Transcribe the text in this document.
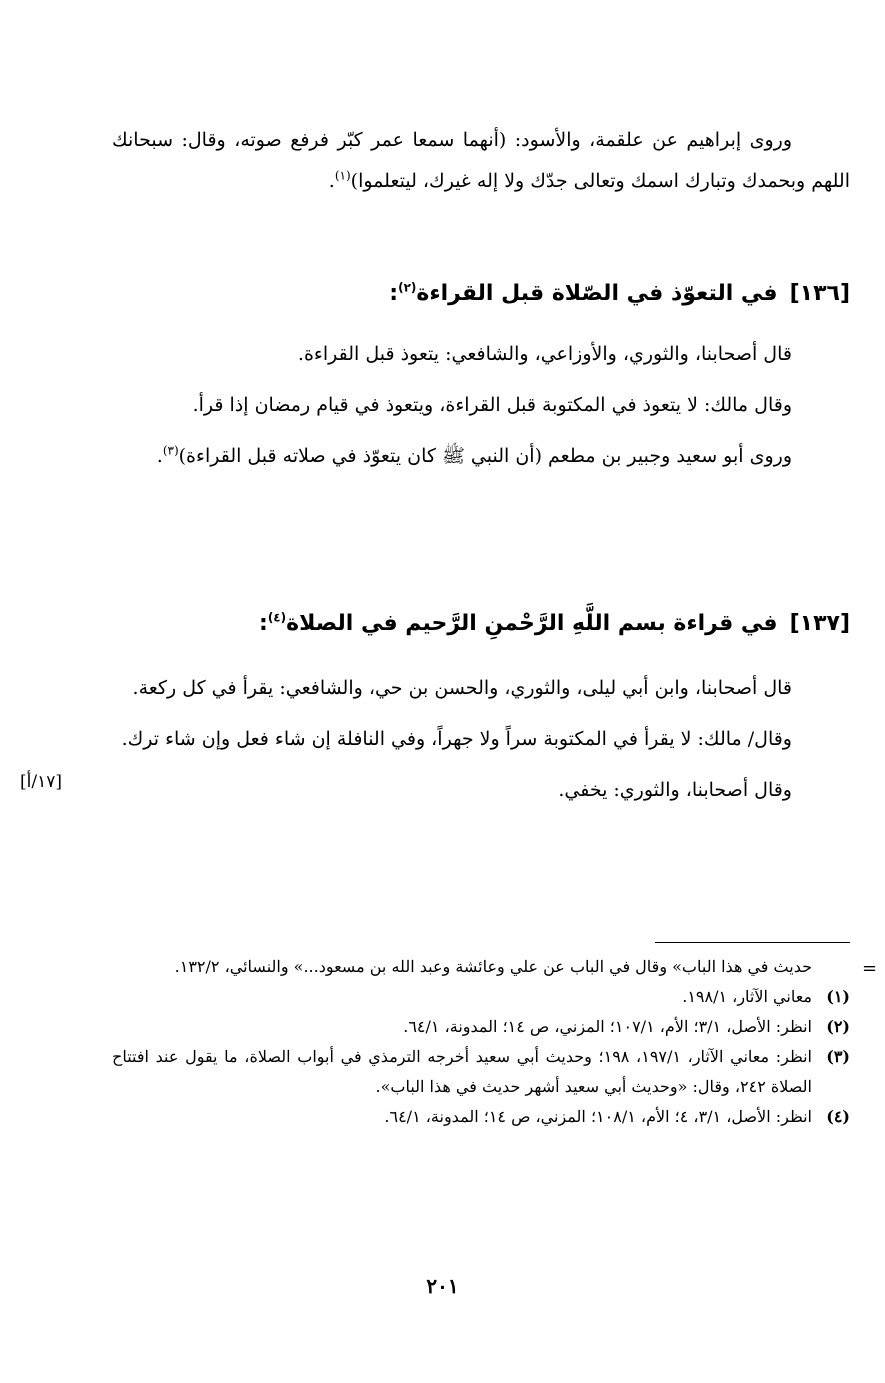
وروى إبراهيم عن علقمة، والأسود: (أنهما سمعا عمر كبّر فرفع صوته، وقال: سبحانك اللهم وبحمدك وتبارك اسمك وتعالى جدّك ولا إله غيرك، ليتعلموا)$^{(١)}$.

[١٣٦]في التعوّذ في الصّلاة قبل القراءة$^{(٢)}$:

قال أصحابنا، والثوري، والأوزاعي، والشافعي: يتعوذ قبل القراءة.

وقال مالك: لا يتعوذ في المكتوبة قبل القراءة، ويتعوذ في قيام رمضان إذا قرأ.

وروى أبو سعيد وجبير بن مطعم (أن النبي ﷺ كان يتعوّذ في صلاته قبل القراءة)$^{(٣)}$.

[١٣٧]في قراءة بسم اللَّهِ الرَّحْمنِ الرَّحيم في الصلاة$^{(٤)}$:

قال أصحابنا، وابن أبي ليلى، والثوري، والحسن بن حي، والشافعي: يقرأ في كل ركعة.

وقال/ مالك: لا يقرأ في المكتوبة سراً ولا جهراً، وفي النافلة إن شاء فعل وإن شاء ترك.

وقال أصحابنا، والثوري: يخفي.

[١٧/أ]
=

حديث في هذا الباب» وقال في الباب عن علي وعائشة وعبد الله بن مسعود...» والنسائي، ١٣٢/٢.

(١)
معاني الآثار، ١٩٨/١.

(٢)
انظر: الأصل، ٣/١؛ الأم، ١٠٧/١؛ المزني، ص ١٤؛ المدونة، ٦٤/١.

(٣)
انظر: معاني الآثار، ١٩٧/١، ١٩٨؛ وحديث أبي سعيد أخرجه الترمذي في أبواب الصلاة، ما يقول عند افتتاح الصلاة ٢٤٢، وقال: «وحديث أبي سعيد أشهر حديث في هذا الباب».

(٤)
انظر: الأصل، ٣/١، ٤؛ الأم، ١٠٨/١؛ المزني، ص ١٤؛ المدونة، ٦٤/١.

٢٠١
